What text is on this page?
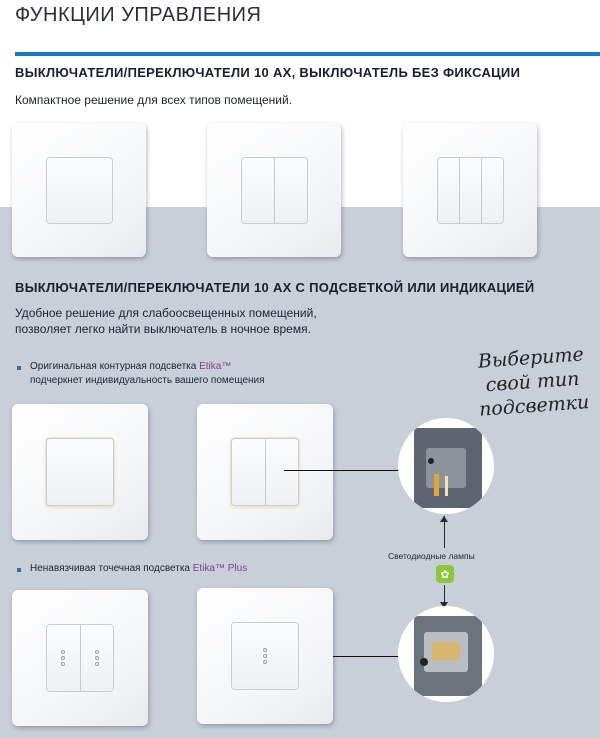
ФУНКЦИИ УПРАВЛЕНИЯ
ВЫКЛЮЧАТЕЛИ/ПЕРЕКЛЮЧАТЕЛИ 10 АХ, ВЫКЛЮЧАТЕЛЬ БЕЗ ФИКСАЦИИ
Компактное решение для всех типов помещений.
ВЫКЛЮЧАТЕЛИ/ПЕРЕКЛЮЧАТЕЛИ 10 АХ С ПОДСВЕТКОЙ ИЛИ ИНДИКАЦИЕЙ
Удобное решение для слабоосвещенных помещений,
позволяет легко найти выключатель в ночное время.
Оригинальная контурная подсветка Etika™
подчеркнет индивидуальность вашего помещения
Выберите
свой тип
подсветки
Светодиодные лампы
✿
Ненавязчивая точечная подсветка Etika™ Plus
